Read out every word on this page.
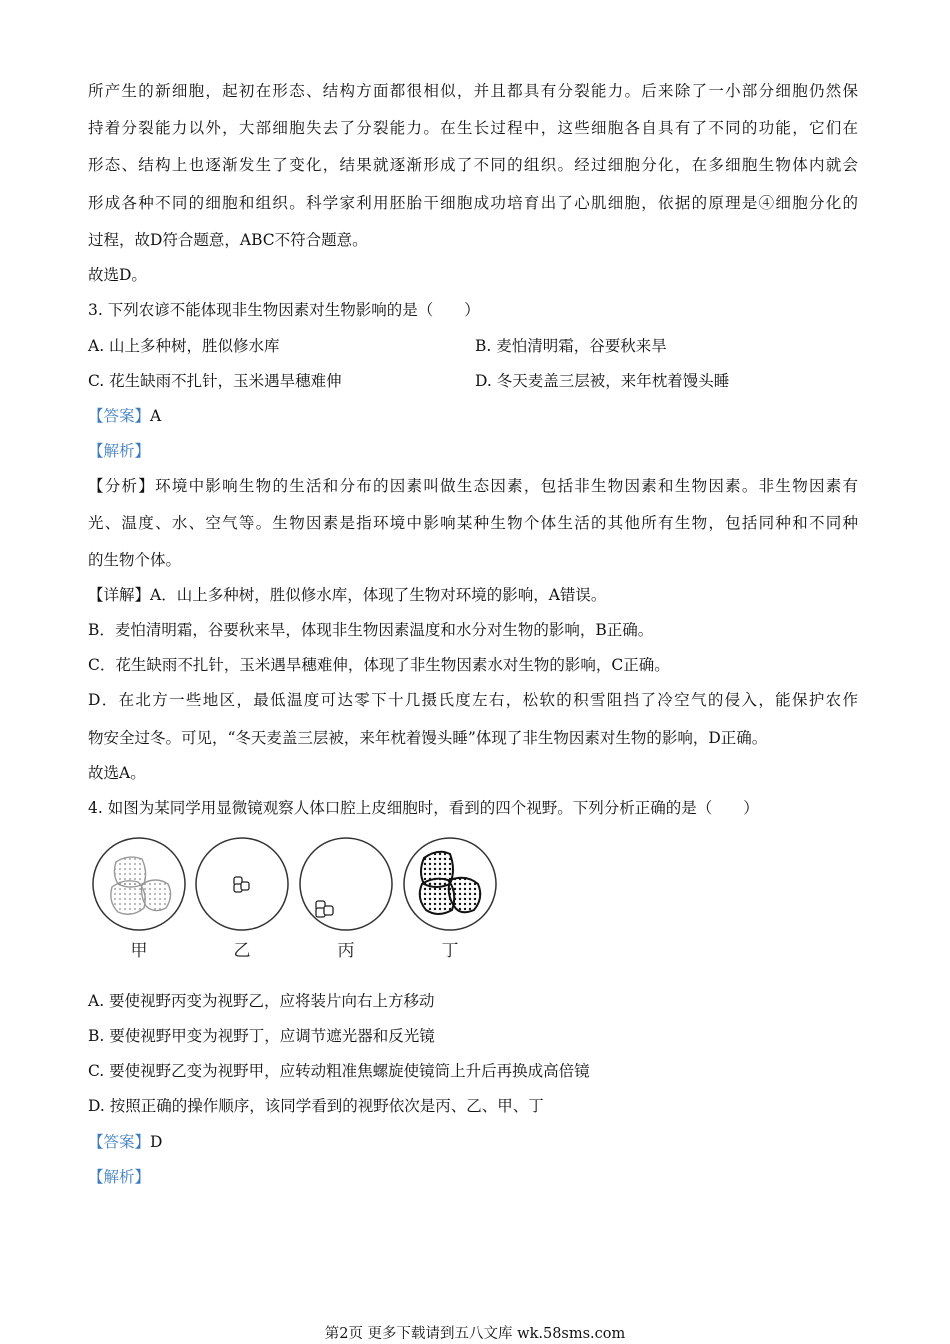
所产生的新细胞，起初在形态、结构方面都很相似，并且都具有分裂能力。后来除了一小部分细胞仍然保
持着分裂能力以外，大部细胞失去了分裂能力。在生长过程中，这些细胞各自具有了不同的功能，它们在
形态、结构上也逐渐发生了变化，结果就逐渐形成了不同的组织。经过细胞分化，在多细胞生物体内就会
形成各种不同的细胞和组织。科学家利用胚胎干细胞成功培育出了心肌细胞，依据的原理是④细胞分化的
过程，故D符合题意，ABC不符合题意。
故选D。
3. 下列农谚不能体现非生物因素对生物影响的是（　　）
A. 山上多种树，胜似修水库	B. 麦怕清明霜，谷要秋来旱
C. 花生缺雨不扎针，玉米遇旱穗难伸	D. 冬天麦盖三层被，来年枕着馒头睡
【答案】A
【解析】
【分析】环境中影响生物的生活和分布的因素叫做生态因素，包括非生物因素和生物因素。非生物因素有
光、温度、水、空气等。生物因素是指环境中影响某种生物个体生活的其他所有生物，包括同种和不同种
的生物个体。
【详解】A．山上多种树，胜似修水库，体现了生物对环境的影响，A错误。
B．麦怕清明霜，谷要秋来旱，体现非生物因素温度和水分对生物的影响，B正确。
C．花生缺雨不扎针，玉米遇旱穗难伸，体现了非生物因素水对生物的影响，C正确。
D．在北方一些地区，最低温度可达零下十几摄氏度左右，松软的积雪阻挡了冷空气的侵入，能保护农作
物安全过冬。可见，“冬天麦盖三层被，来年枕着馒头睡”体现了非生物因素对生物的影响，D正确。
故选A。
4. 如图为某同学用显微镜观察人体口腔上皮细胞时，看到的四个视野。下列分析正确的是（　　）
甲	乙	丙	丁
A. 要使视野丙变为视野乙，应将装片向右上方移动
B. 要使视野甲变为视野丁，应调节遮光器和反光镜
C. 要使视野乙变为视野甲，应转动粗准焦螺旋使镜筒上升后再换成高倍镜
D. 按照正确的操作顺序，该同学看到的视野依次是丙、乙、甲、丁
【答案】D
【解析】
第2页 更多下载请到五八文库 wk.58sms.com
